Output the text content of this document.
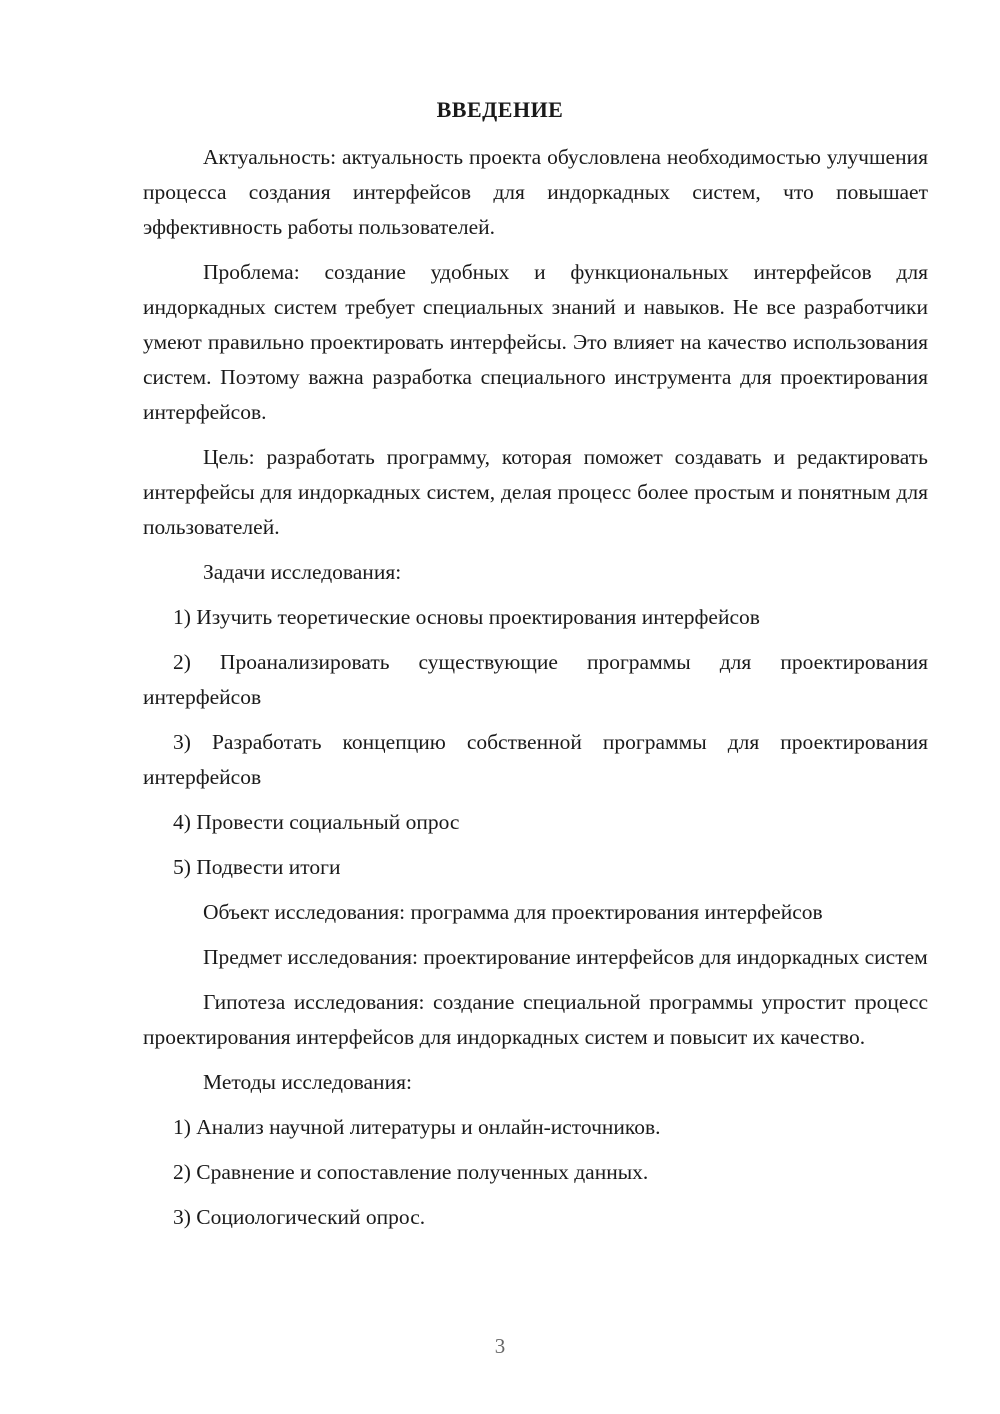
ВВЕДЕНИЕ

Актуальность: актуальность проекта обусловлена необходимостью улучшения процесса создания интерфейсов для индоркадных систем, что повышает эффективность работы пользователей.

Проблема: создание удобных и функциональных интерфейсов для индоркадных систем требует специальных знаний и навыков. Не все разработчики умеют правильно проектировать интерфейсы. Это влияет на качество использования систем. Поэтому важна разработка специального инструмента для проектирования интерфейсов.

Цель: разработать программу, которая поможет создавать и редактировать интерфейсы для индоркадных систем, делая процесс более простым и понятным для пользователей.

Задачи исследования:

1) Изучить теоретические основы проектирования интерфейсов

2) Проанализировать существующие программы для проектирования интерфейсов

3) Разработать концепцию собственной программы для проектирования интерфейсов

4) Провести социальный опрос

5) Подвести итоги

Объект исследования: программа для проектирования интерфейсов

Предмет исследования: проектирование интерфейсов для индоркадных систем

Гипотеза исследования: создание специальной программы упростит процесс проектирования интерфейсов для индоркадных систем и повысит их качество.

Методы исследования:

1) Анализ научной литературы и онлайн-источников.

2) Сравнение и сопоставление полученных данных.

3) Социологический опрос.

3
